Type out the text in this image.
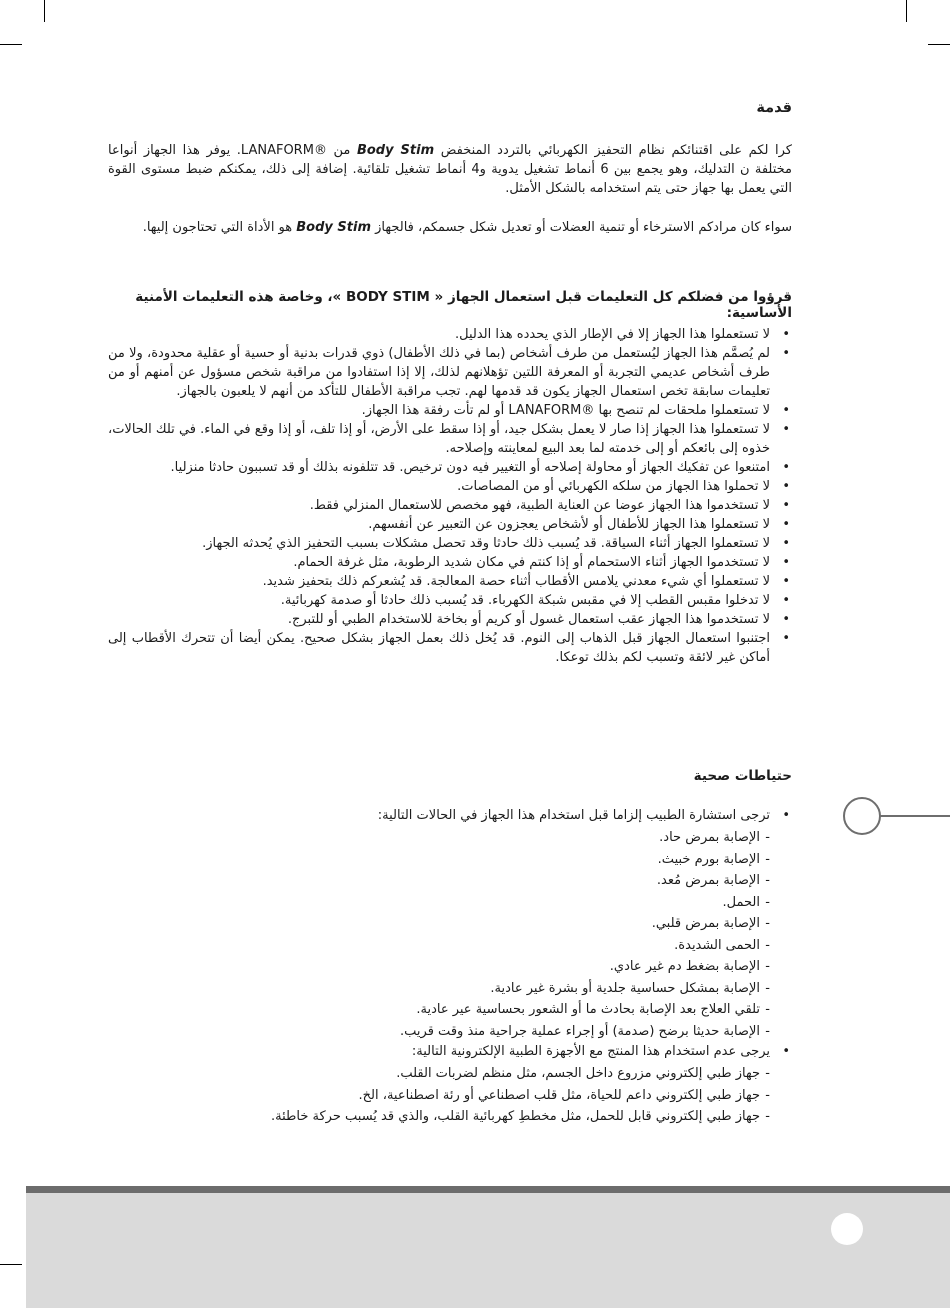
قدمة

كرا لكم على اقتنائكم نظام التحفيز الكهربائي بالتردد المنخفض Body Stim من ®LANAFORM. يوفر هذا الجهاز أنواعا مختلفة ن التدليك، وهو يجمع بين 6 أنماط تشغيل يدوية و4 أنماط تشغيل تلقائية. إضافة إلى ذلك، يمكنكم ضبط مستوى القوة التي يعمل بها جهاز حتى يتم استخدامه بالشكل الأمثل.

سواء كان مرادكم الاسترخاء أو تنمية العضلات أو تعديل شكل جسمكم، فالجهاز Body Stim هو الأداة التي تحتاجون إليها.

قرؤوا من فضلكم كل التعليمات قبل استعمال الجهاز « BODY STIM »، وخاصة هذه التعليمات الأمنية الأساسية:
• لا تستعملوا هذا الجهاز إلا في الإطار الذي يحدده هذا الدليل.
• لم يُصمَّم هذا الجهاز ليُستعمل من طرف أشخاص (بما في ذلك الأطفال) ذوي قدرات بدنية أو حسية أو عقلية محدودة، ولا من طرف أشخاص عديمي التجربة أو المعرفة اللتين تؤهلانهم لذلك، إلا إذا استفادوا من مراقبة شخص مسؤول عن أمنهم أو من تعليمات سابقة تخص استعمال الجهاز يكون قد قدمها لهم. تجب مراقبة الأطفال للتأكد من أنهم لا يلعبون بالجهاز.
• لا تستعملوا ملحقات لم تنصح بها ®LANAFORM أو لم تأت رفقة هذا الجهاز.
• لا تستعملوا هذا الجهاز إذا صار لا يعمل بشكل جيد، أو إذا سقط على الأرض، أو إذا تلف، أو إذا وقع في الماء. في تلك الحالات، خذوه إلى بائعكم أو إلى خدمته لما بعد البيع لمعاينته وإصلاحه.
• امتنعوا عن تفكيك الجهاز أو محاولة إصلاحه أو التغيير فيه دون ترخيص. قد تتلفونه بذلك أو قد تسببون حادثا منزليا.
• لا تحملوا هذا الجهاز من سلكه الكهربائي أو من المصاصات.
• لا تستخدموا هذا الجهاز عوضا عن العناية الطبية، فهو مخصص للاستعمال المنزلي فقط.
• لا تستعملوا هذا الجهاز للأطفال أو لأشخاص يعجزون عن التعبير عن أنفسهم.
• لا تستعملوا الجهاز أثناء السياقة. قد يُسبب ذلك حادثا وقد تحصل مشكلات بسبب التحفيز الذي يُحدثه الجهاز.
• لا تستخدموا الجهاز أثناء الاستحمام أو إذا كنتم في مكان شديد الرطوبة، مثل غرفة الحمام.
• لا تستعملوا أي شيء معدني يلامس الأقطاب أثناء حصة المعالجة. قد يُشعركم ذلك بتحفيز شديد.
• لا تدخلوا مقبس القطب إلا في مقبس شبكة الكهرباء. قد يُسبب ذلك حادثا أو صدمة كهربائية.
• لا تستخدموا هذا الجهاز عقب استعمال غسول أو كريم أو بخاخة للاستخدام الطبي أو للتبرج.
• اجتنبوا استعمال الجهاز قبل الذهاب إلى النوم. قد يُخل ذلك بعمل الجهاز بشكل صحيح. يمكن أيضا أن تتحرك الأقطاب إلى أماكن غير لائقة وتسبب لكم بذلك توعكا.
حتياطات صحية
• ترجى استشارة الطبيب إلزاما قبل استخدام هذا الجهاز في الحالات التالية:
- الإصابة بمرض حاد.
- الإصابة بورم خبيث.
- الإصابة بمرض مُعد.
- الحمل.
- الإصابة بمرض قلبي.
- الحمى الشديدة.
- الإصابة بضغط دم غير عادي.
- الإصابة بمشكل حساسية جلدية أو بشرة غير عادية.
- تلقي العلاج بعد الإصابة بحادث ما أو الشعور بحساسية عير عادية.
- الإصابة حديثا برضح (صدمة) أو إجراء عملية جراحية منذ وقت قريب.
• يرجى عدم استخدام هذا المنتج مع الأجهزة الطبية الإلكترونية التالية:
- جهاز طبي إلكتروني مزروع داخل الجسم، مثل منظم لضربات القلب.
- جهاز طبي إلكتروني داعم للحياة، مثل قلب اصطناعي أو رئة اصطناعية، الخ.
- جهاز طبي إلكتروني قابل للحمل، مثل مخططِ كهربائية القلب، والذي قد يُسبب حركة خاطئة.
